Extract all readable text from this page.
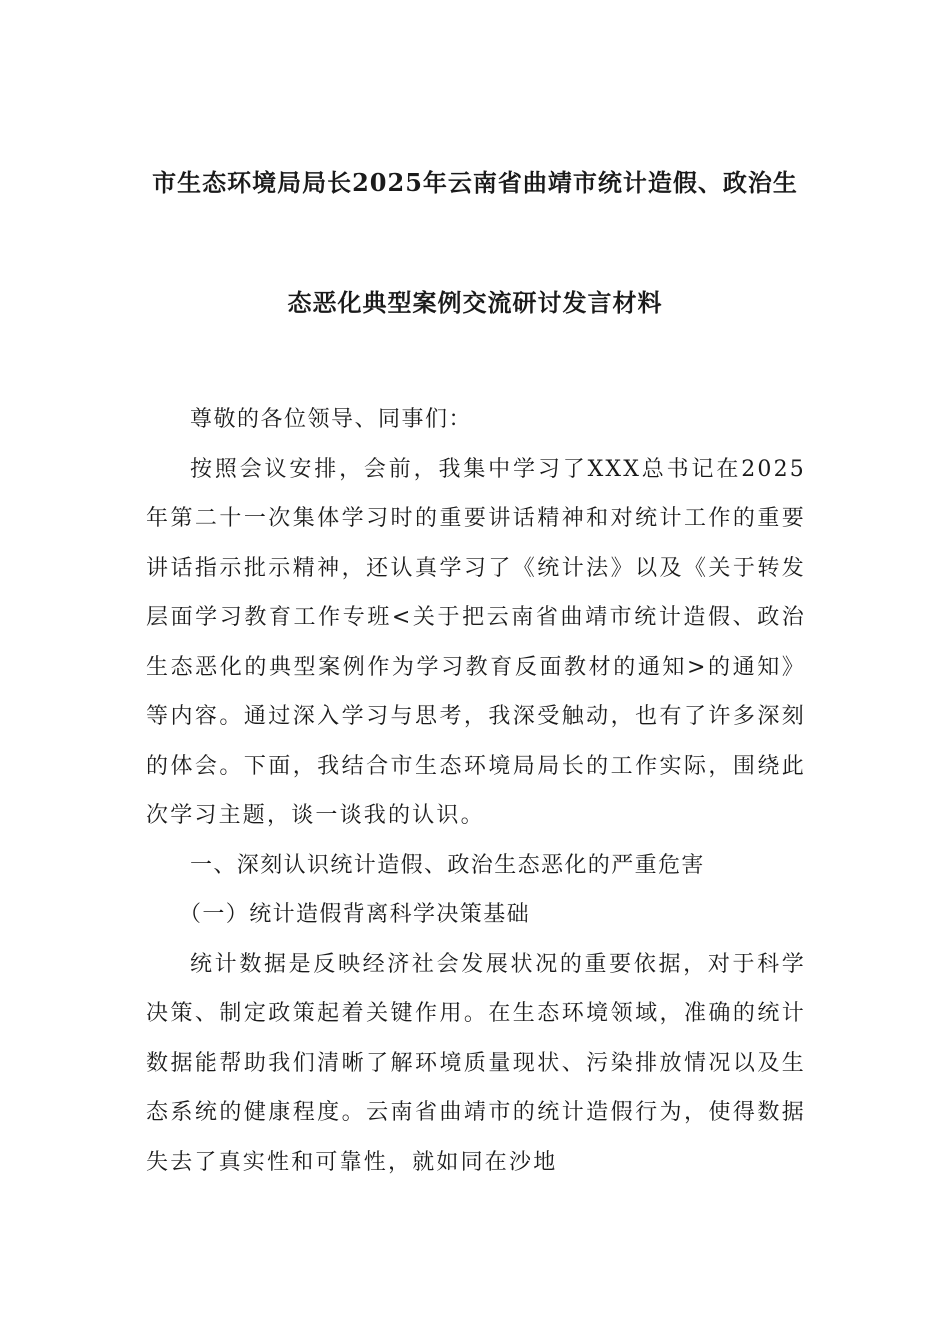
市生态环境局局长2025年云南省曲靖市统计造假、政治生
态恶化典型案例交流研讨发言材料

尊敬的各位领导、同事们：

按照会议安排，会前，我集中学习了XXX总书记在2025年第二十一次集体学习时的重要讲话精神和对统计工作的重要讲话指示批示精神，还认真学习了《统计法》以及《关于转发层面学习教育工作专班<关于把云南省曲靖市统计造假、政治生态恶化的典型案例作为学习教育反面教材的通知>的通知》等内容。通过深入学习与思考，我深受触动，也有了许多深刻的体会。下面，我结合市生态环境局局长的工作实际，围绕此次学习主题，谈一谈我的认识。

一、深刻认识统计造假、政治生态恶化的严重危害

（一）统计造假背离科学决策基础

统计数据是反映经济社会发展状况的重要依据，对于科学决策、制定政策起着关键作用。在生态环境领域，准确的统计数据能帮助我们清晰了解环境质量现状、污染排放情况以及生态系统的健康程度。云南省曲靖市的统计造假行为，使得数据失去了真实性和可靠性，就如同在沙地
